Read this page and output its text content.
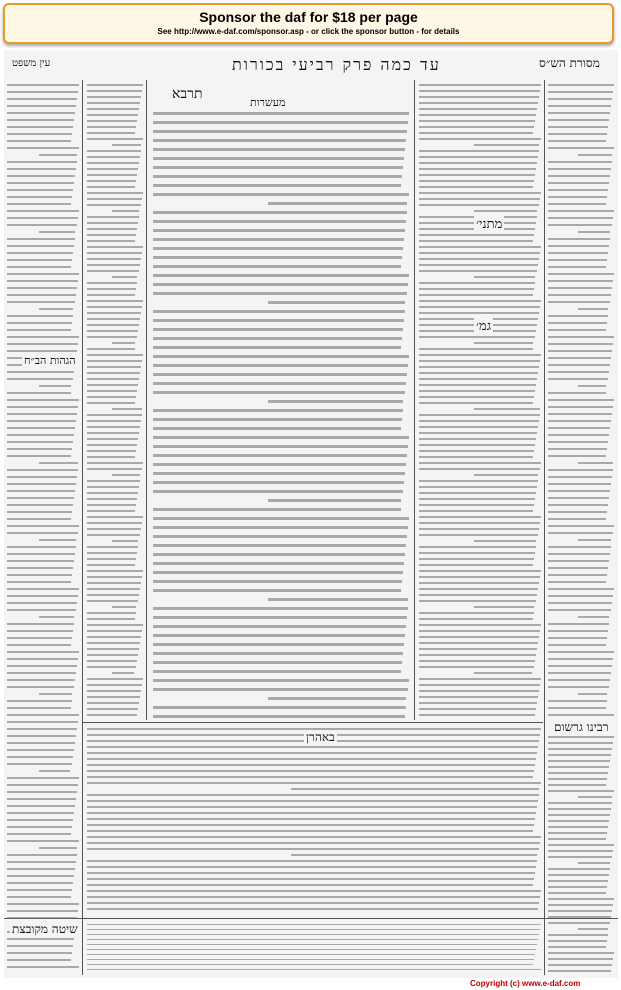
Sponsor the daf for $18 per page
See http://www.e-daf.com/sponsor.asp - or click the sponsor button - for details
עין משפט	עד כמה פרק רביעי בכורות	מסורת הש״ס
תרבא
מעשרות
מתני׳
גמ׳
הגהות הב״ח
רבינו גרשום
שיטה מקובצת
באהרן
Copyright (c) www.e-daf.com
